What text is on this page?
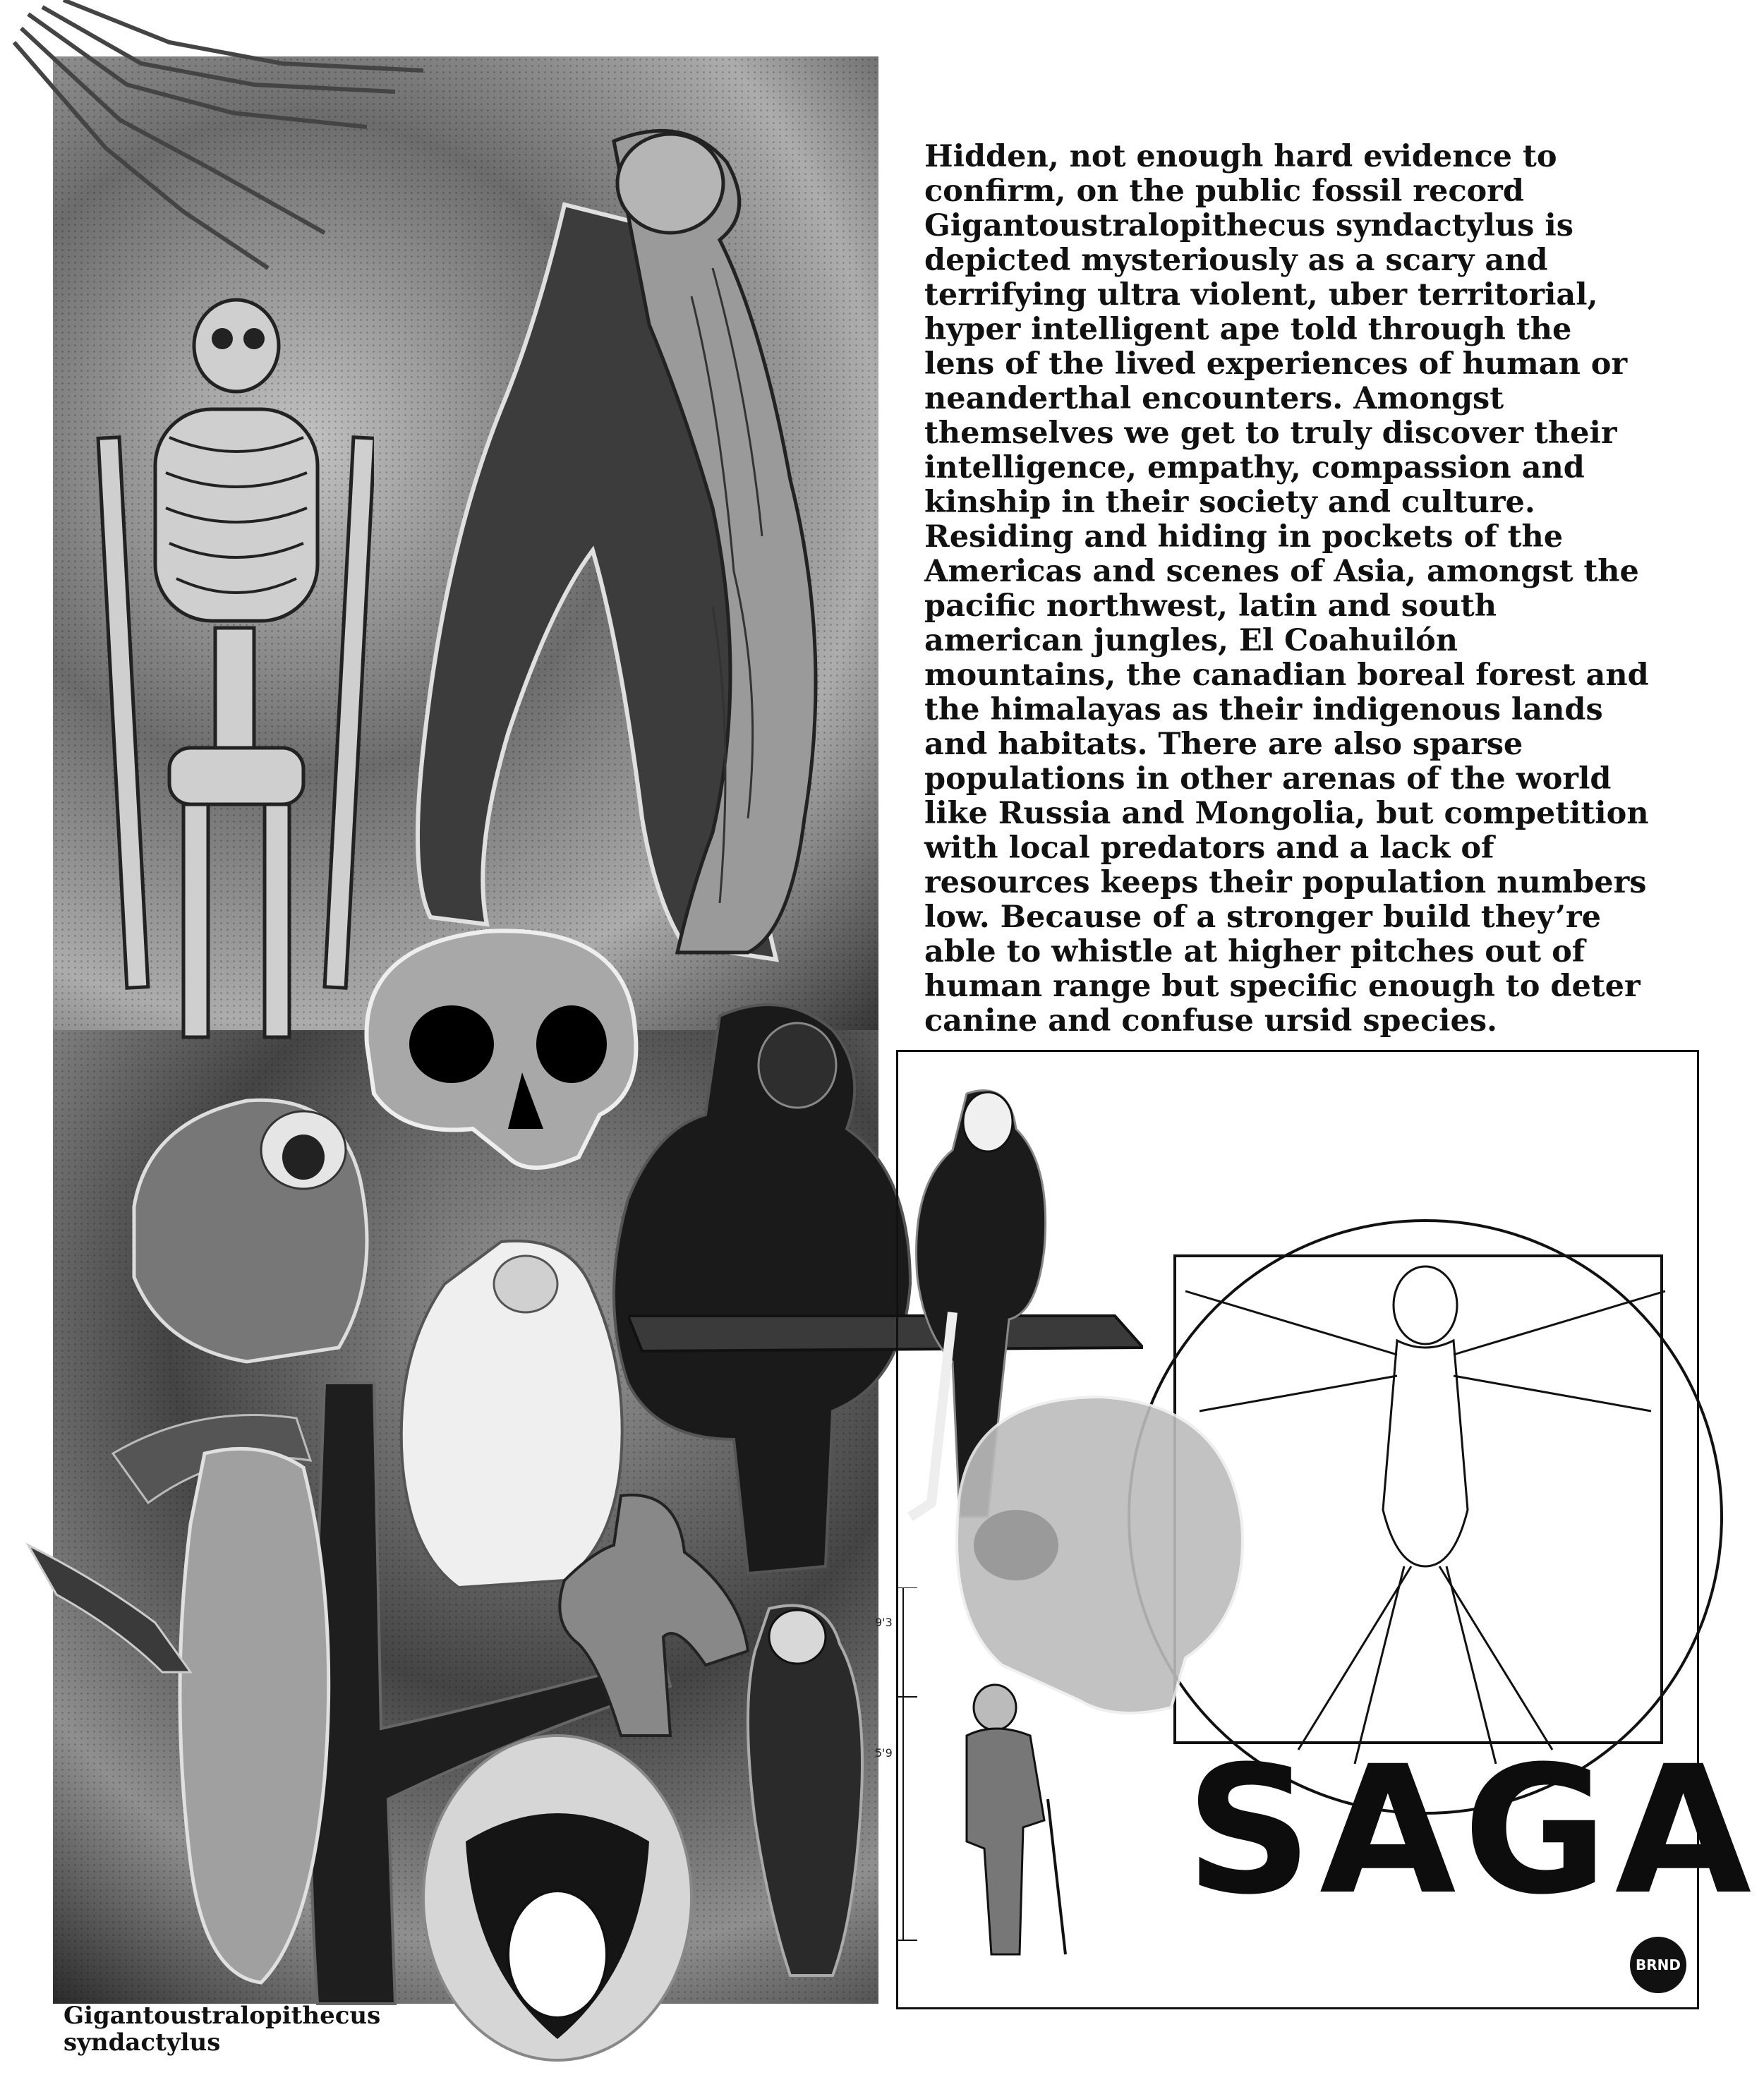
Gigantoustralopithecus syndactylus
Hidden, not enough hard evidence to confirm, on the public fossil record Gigantoustralopithecus syndactylus is depicted mysteriously as a scary and terrifying ultra violent, uber territorial, hyper intelligent ape told through the lens of the lived experiences of human or neanderthal encounters. Amongst themselves we get to truly discover their intelligence, empathy, compassion and kinship in their society and culture. Residing and hiding in pockets of the Americas and scenes of Asia, amongst the pacific northwest, latin and south american jungles, El Coahuilón mountains, the canadian boreal forest and the himalayas as their indigenous lands and habitats. There are also sparse populations in other arenas of the world like Russia and Mongolia, but competition with local predators and a lack of resources keeps their population numbers low. Because of a stronger build they’re able to whistle at higher pitches out of human range but specific enough to deter canine and confuse ursid species.
9'3
5'9 SAGA
BRND
